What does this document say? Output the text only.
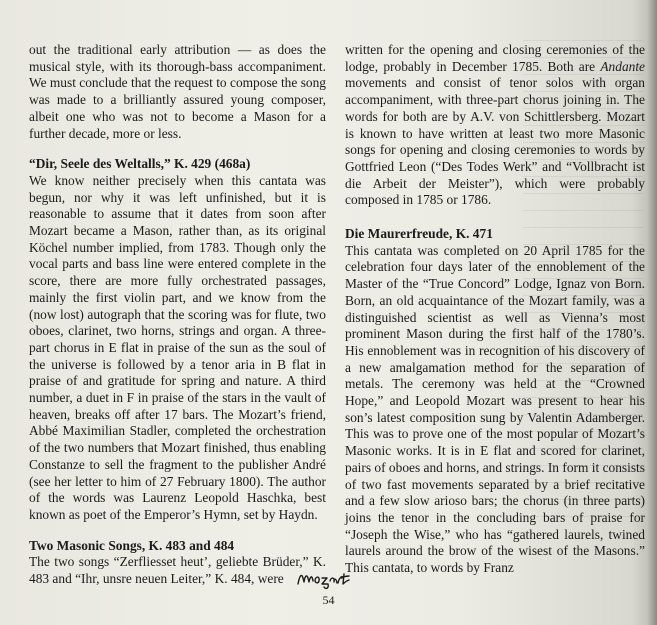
out the traditional early attribution — as does the musical style, with its thorough-bass accompaniment. We must conclude that the request to compose the song was made to a brilliantly assured young composer, albeit one who was not to become a Mason for a further decade, more or less.

“Dir, Seele des Weltalls,” K. 429 (468a)

We know neither precisely when this cantata was begun, nor why it was left unfinished, but it is reasonable to assume that it dates from soon after Mozart became a Mason, rather than, as its original Köchel number implied, from 1783. Though only the vocal parts and bass line were entered complete in the score, there are more fully orchestrated passages, mainly the first violin part, and we know from the (now lost) autograph that the scoring was for flute, two oboes, clarinet, two horns, strings and organ. A three-part chorus in E flat in praise of the sun as the soul of the universe is followed by a tenor aria in B flat in praise of and gratitude for spring and nature. A third number, a duet in F in praise of the stars in the vault of heaven, breaks off after 17 bars. The Mozart’s friend, Abbé Maximilian Stadler, completed the orchestration of the two numbers that Mozart finished, thus enabling Constanze to sell the fragment to the publisher André (see her letter to him of 27 February 1800). The author of the words was Laurenz Leopold Haschka, best known as poet of the Emperor’s Hymn, set by Haydn.

Two Masonic Songs, K. 483 and 484

The two songs “Zerfliesset heut’, geliebte Brüder,” K. 483 and “Ihr, unsre neuen Leiter,” K. 484, were

written for the opening and closing ceremonies of the lodge, probably in December 1785. Both are Andante movements and consist of tenor solos with organ accompaniment, with three-part chorus joining in. The words for both are by A.V. von Schittlersberg. Mozart is known to have written at least two more Masonic songs for opening and closing ceremonies to words by Gottfried Leon (“Des Todes Werk” and “Vollbracht ist die Arbeit der Meister”), which were probably composed in 1785 or 1786.

Die Maurerfreude, K. 471

This cantata was completed on 20 April 1785 for the celebration four days later of the ennoblement of the Master of the “True Concord” Lodge, Ignaz von Born. Born, an old acquaintance of the Mozart family, was a distinguished scientist as well as Vienna’s most prominent Mason during the first half of the 1780’s. His ennoblement was in recognition of his discovery of a new amalgamation method for the separation of metals. The ceremony was held at the “Crowned Hope,” and Leopold Mozart was present to hear his son’s latest composition sung by Valentin Adamberger. This was to prove one of the most popular of Mozart’s Masonic works. It is in E flat and scored for clarinet, pairs of oboes and horns, and strings. In form it consists of two fast movements separated by a brief recitative and a few slow arioso bars; the chorus (in three parts) joins the tenor in the concluding bars of praise for “Joseph the Wise,” who has “gathered laurels, twined laurels around the brow of the wisest of the Masons.” This cantata, to words by Franz

54
